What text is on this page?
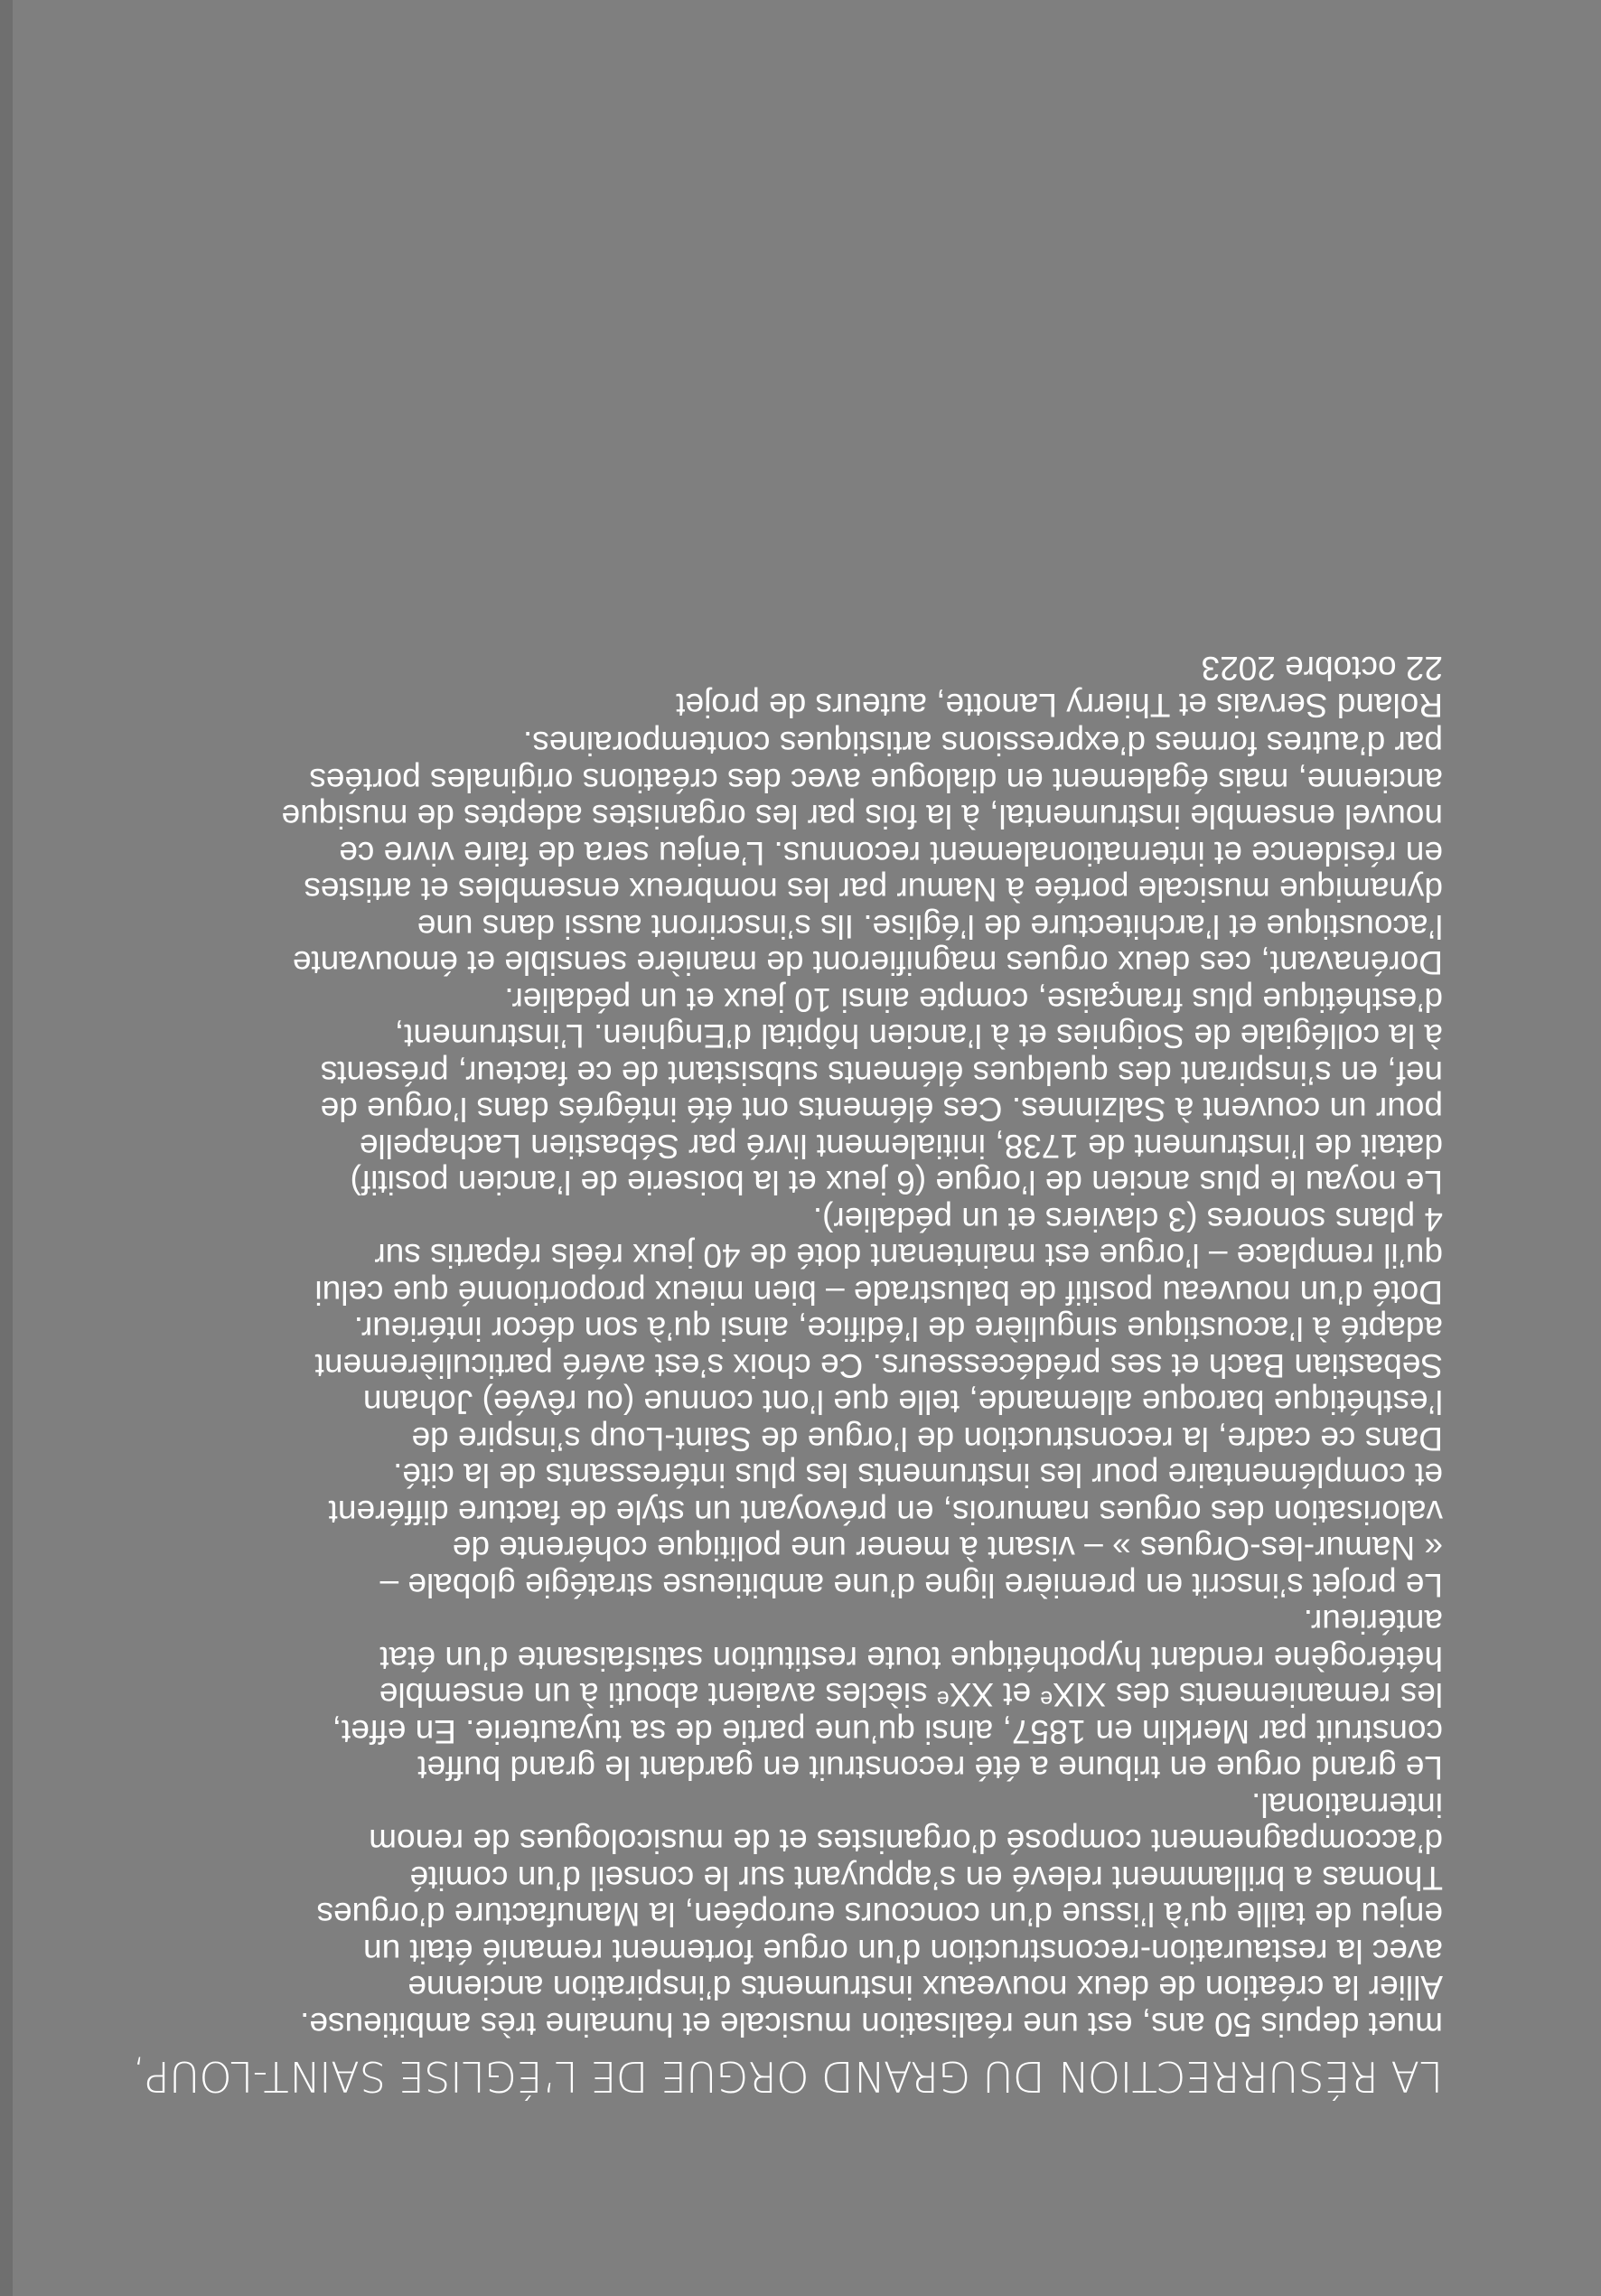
LA RÉSURRECTION DU GRAND ORGUE DE L’ÉGLISE SAINT-LOUP,
muet depuis 50 ans, est une réalisation musicale et humaine très ambitieuse.
Allier la création de deux nouveaux instruments d’inspiration ancienne
avec la restauration-reconstruction d’un orgue fortement remanié était un
enjeu de taille qu’à l’issue d’un concours européen, la Manufacture d’orgues
Thomas a brillamment relevé en s’appuyant sur le conseil d’un comité
d’accompagnement composé d’organistes et de musicologues de renom
international.
Le grand orgue en tribune a été reconstruit en gardant le grand buffet
construit par Merklin en 1857, ainsi qu’une partie de sa tuyauterie. En effet,
les remaniements des XIXᵉ et XXᵉ siècles avaient abouti à un ensemble
hétérogène rendant hypothétique toute restitution satisfaisante d’un état
antérieur.
Le projet s’inscrit en première ligne d’une ambitieuse stratégie globale –
« Namur-les-Orgues » – visant à mener une politique cohérente de
valorisation des orgues namurois, en prévoyant un style de facture différent
et complémentaire pour les instruments les plus intéressants de la cité.
Dans ce cadre, la reconstruction de l’orgue de Saint-Loup s’inspire de
l’esthétique baroque allemande, telle que l’ont connue (ou rêvée) Johann
Sebastian Bach et ses prédécesseurs. Ce choix s’est avéré particulièrement
adapté à l’acoustique singulière de l’édifice, ainsi qu’à son décor intérieur.
Doté d’un nouveau positif de balustrade – bien mieux proportionné que celui
qu’il remplace – l’orgue est maintenant doté de 40 jeux réels répartis sur
4 plans sonores (3 claviers et un pédalier).
Le noyau le plus ancien de l’orgue (6 jeux et la boiserie de l’ancien positif)
datait de l’instrument de 1738, initialement livré par Sébastien Lachapelle
pour un couvent à Salzinnes. Ces éléments ont été intégrés dans l’orgue de
nef, en s’inspirant des quelques éléments subsistant de ce facteur, présents
à la collégiale de Soignies et à l’ancien hôpital d’Enghien. L’instrument,
d’esthétique plus française, compte ainsi 10 jeux et un pédalier.
Dorénavant, ces deux orgues magnifieront de manière sensible et émouvante
l’acoustique et l’architecture de l’église. Ils s’inscriront aussi dans une
dynamique musicale portée à Namur par les nombreux ensembles et artistes
en résidence et internationalement reconnus. L’enjeu sera de faire vivre ce
nouvel ensemble instrumental, à la fois par les organistes adeptes de musique
ancienne, mais également en dialogue avec des créations originales portées
par d’autres formes d’expressions artistiques contemporaines.
Roland Servais et Thierry Lanotte, auteurs de projet
22 octobre 2023
